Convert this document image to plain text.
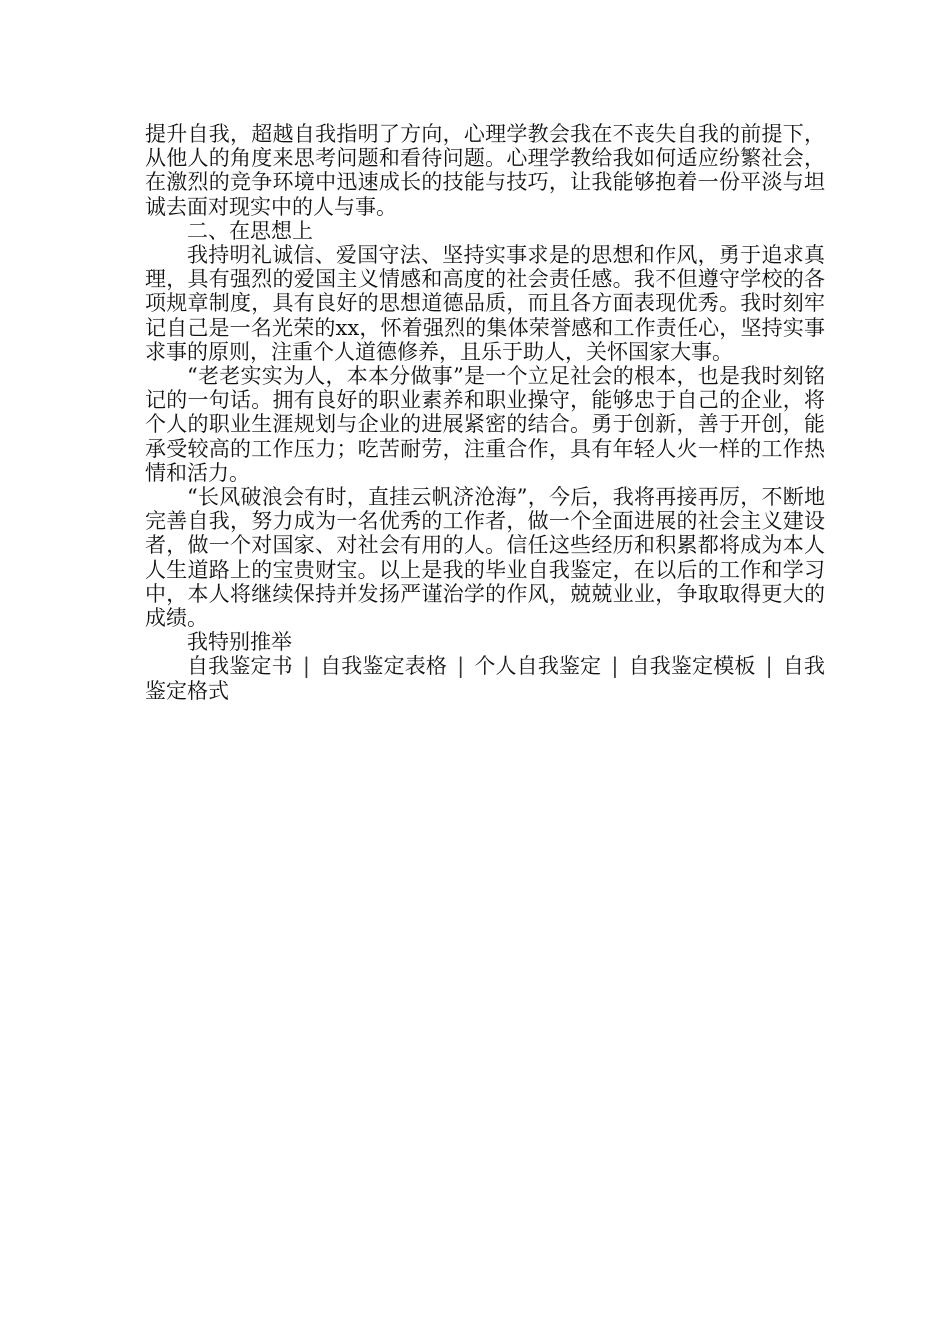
提升自我，超越自我指明了方向，心理学教会我在不丧失自我的前提下，从他人的角度来思考问题和看待问题。心理学教给我如何适应纷繁社会，在激烈的竞争环境中迅速成长的技能与技巧，让我能够抱着一份平淡与坦诚去面对现实中的人与事。

二、在思想上

我持明礼诚信、爱国守法、坚持实事求是的思想和作风，勇于追求真理，具有强烈的爱国主义情感和高度的社会责任感。我不但遵守学校的各项规章制度，具有良好的思想道德品质，而且各方面表现优秀。我时刻牢记自己是一名光荣的xx，怀着强烈的集体荣誉感和工作责任心，坚持实事求事的原则，注重个人道德修养，且乐于助人，关怀国家大事。

“老老实实为人，本本分做事”是一个立足社会的根本，也是我时刻铭记的一句话。拥有良好的职业素养和职业操守，能够忠于自己的企业，将个人的职业生涯规划与企业的进展紧密的结合。勇于创新，善于开创，能承受较高的工作压力；吃苦耐劳，注重合作，具有年轻人火一样的工作热情和活力。

“长风破浪会有时，直挂云帆济沧海”，今后，我将再接再厉，不断地完善自我，努力成为一名优秀的工作者，做一个全面进展的社会主义建设者，做一个对国家、对社会有用的人。信任这些经历和积累都将成为本人人生道路上的宝贵财宝。以上是我的毕业自我鉴定，在以后的工作和学习中，本人将继续保持并发扬严谨治学的作风，兢兢业业，争取取得更大的成绩。

我特别推举

自我鉴定书 | 自我鉴定表格 | 个人自我鉴定 | 自我鉴定模板 | 自我鉴定格式
